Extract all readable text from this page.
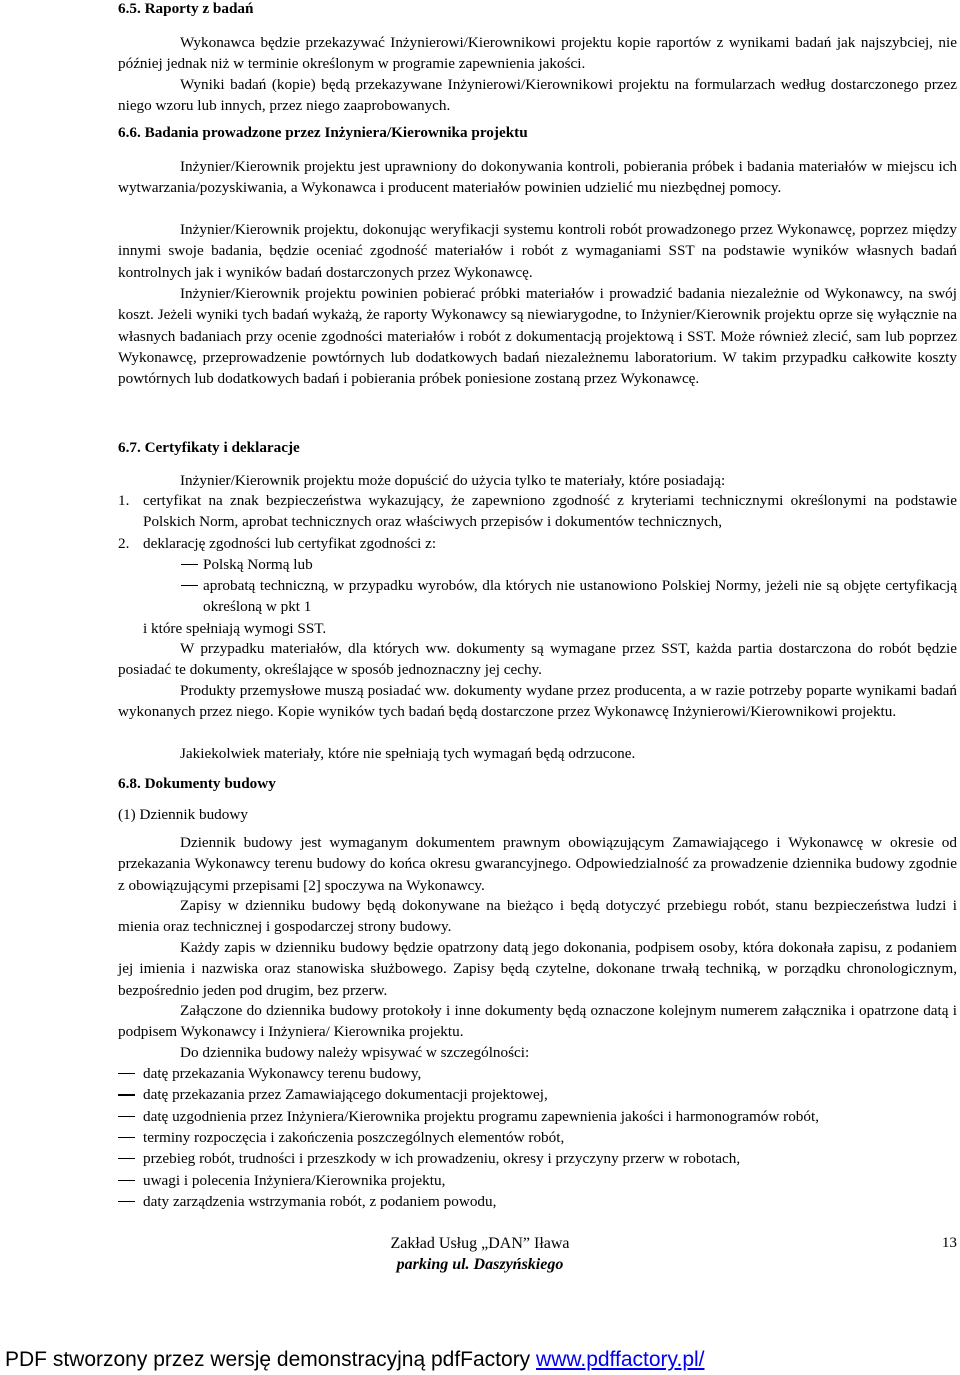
6.5. Raporty z badań

Wykonawca będzie przekazywać Inżynierowi/Kierownikowi projektu kopie raportów z wynikami badań jak najszybciej, nie później jednak niż w terminie określonym w programie zapewnienia jakości.

Wyniki badań (kopie) będą przekazywane Inżynierowi/Kierownikowi projektu na formularzach według dostarczonego przez niego wzoru lub innych, przez niego zaaprobowanych.

6.6. Badania prowadzone przez Inżyniera/Kierownika projektu

Inżynier/Kierownik projektu jest uprawniony do dokonywania kontroli, pobierania próbek i badania materiałów w miejscu ich wytwarzania/pozyskiwania, a Wykonawca i producent materiałów powinien udzielić mu niezbędnej pomocy.

Inżynier/Kierownik projektu, dokonując weryfikacji systemu kontroli robót prowadzonego przez Wykonawcę, poprzez między innymi swoje badania, będzie oceniać zgodność materiałów i robót z wymaganiami SST na podstawie wyników własnych badań kontrolnych jak i wyników badań dostarczonych przez Wykonawcę.

Inżynier/Kierownik projektu powinien pobierać próbki materiałów i prowadzić badania niezależnie od Wykonawcy, na swój koszt. Jeżeli wyniki tych badań wykażą, że raporty Wykonawcy są niewiarygodne, to Inżynier/Kierownik projektu oprze się wyłącznie na własnych badaniach przy ocenie zgodności materiałów i robót z dokumentacją projektową i SST. Może również zlecić, sam lub poprzez Wykonawcę, przeprowadzenie powtórnych lub dodatkowych badań niezależnemu laboratorium. W takim przypadku całkowite koszty powtórnych lub dodatkowych badań i pobierania próbek poniesione zostaną przez Wykonawcę.

6.7. Certyfikaty i deklaracje

Inżynier/Kierownik projektu może dopuścić do użycia tylko te materiały, które posiadają:

1. certyfikat na znak bezpieczeństwa wykazujący, że zapewniono zgodność z kryteriami technicznymi określonymi na podstawie Polskich Norm, aprobat technicznych oraz właściwych przepisów i dokumentów technicznych,
2. deklarację zgodności lub certyfikat zgodności z:
Polską Normą lub
aprobatą techniczną, w przypadku wyrobów, dla których nie ustanowiono Polskiej Normy, jeżeli nie są objęte certyfikacją określoną w pkt 1

i które spełniają wymogi SST.

W przypadku materiałów, dla których ww. dokumenty są wymagane przez SST, każda partia dostarczona do robót będzie posiadać te dokumenty, określające w sposób jednoznaczny jej cechy.

Produkty przemysłowe muszą posiadać ww. dokumenty wydane przez producenta, a w razie potrzeby poparte wynikami badań wykonanych przez niego. Kopie wyników tych badań będą dostarczone przez Wykonawcę Inżynierowi/Kierownikowi projektu.

Jakiekolwiek materiały, które nie spełniają tych wymagań będą odrzucone.

6.8. Dokumenty budowy
(1) Dziennik budowy

Dziennik budowy jest wymaganym dokumentem prawnym obowiązującym Zamawiającego i Wykonawcę w okresie od przekazania Wykonawcy terenu budowy do końca okresu gwarancyjnego. Odpowiedzialność za prowadzenie dziennika budowy zgodnie z obowiązującymi przepisami [2] spoczywa na Wykonawcy.

Zapisy w dzienniku budowy będą dokonywane na bieżąco i będą dotyczyć przebiegu robót, stanu bezpieczeństwa ludzi i mienia oraz technicznej i gospodarczej strony budowy.

Każdy zapis w dzienniku budowy będzie opatrzony datą jego dokonania, podpisem osoby, która dokonała zapisu, z podaniem jej imienia i nazwiska oraz stanowiska służbowego. Zapisy będą czytelne, dokonane trwałą techniką, w porządku chronologicznym, bezpośrednio jeden pod drugim, bez przerw.

Załączone do dziennika budowy protokoły i inne dokumenty będą oznaczone kolejnym numerem załącznika i opatrzone datą i podpisem Wykonawcy i Inżyniera/ Kierownika projektu.

Do dziennika budowy należy wpisywać w szczególności:

datę przekazania Wykonawcy terenu budowy,
datę przekazania przez Zamawiającego dokumentacji projektowej,
datę uzgodnienia przez Inżyniera/Kierownika projektu programu zapewnienia jakości i harmonogramów robót,
terminy rozpoczęcia i zakończenia poszczególnych elementów robót,
przebieg robót, trudności i przeszkody w ich prowadzeniu, okresy i przyczyny przerw w robotach,
uwagi i polecenia Inżyniera/Kierownika projektu,
daty zarządzenia wstrzymania robót, z podaniem powodu,
Zakład Usług „DAN” Iława
parking ul. Daszyńskiego
13
PDF stworzony przez wersję demonstracyjną pdfFactory www.pdffactory.pl/
